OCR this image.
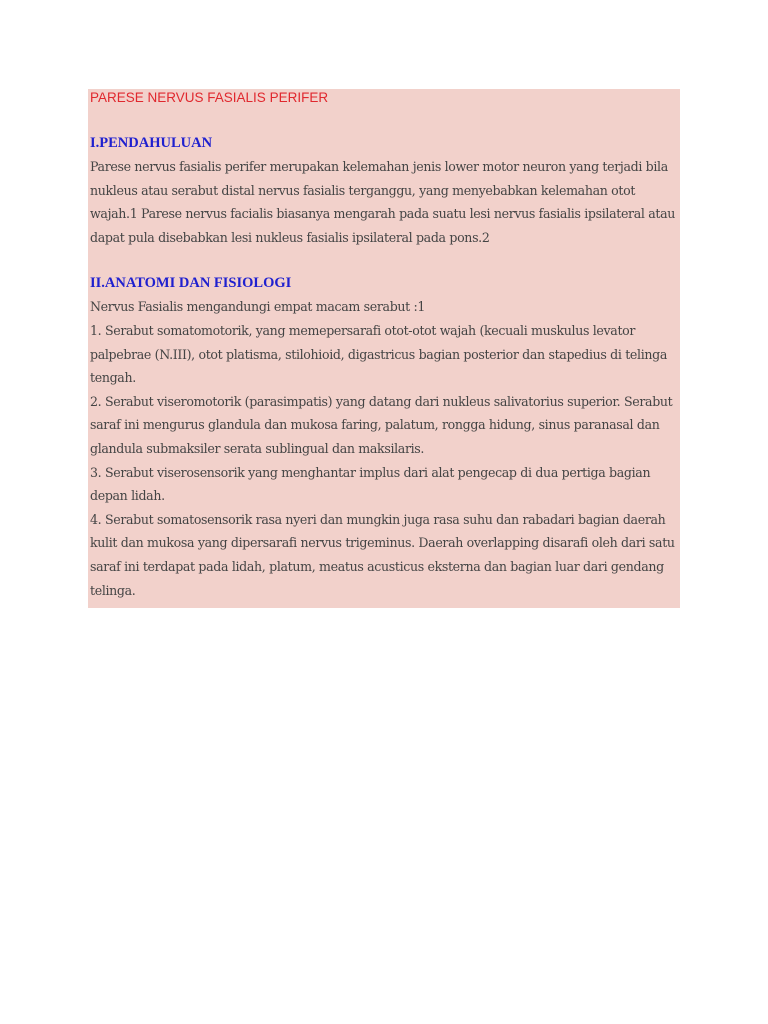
PARESE NERVUS FASIALIS PERIFER

I.PENDAHULUAN

Parese nervus fasialis perifer merupakan kelemahan jenis lower motor neuron yang terjadi bila nukleus atau serabut distal nervus fasialis terganggu, yang menyebabkan kelemahan otot wajah.1 Parese nervus facialis biasanya mengarah pada suatu lesi nervus fasialis ipsilateral atau dapat pula disebabkan lesi nukleus fasialis ipsilateral pada pons.2

II.ANATOMI DAN FISIOLOGI

Nervus Fasialis mengandungi empat macam serabut :1

1. Serabut somatomotorik, yang memepersarafi otot-otot wajah (kecuali muskulus levator palpebrae (N.III), otot platisma, stilohioid, digastricus bagian posterior dan stapedius di telinga tengah.

2. Serabut viseromotorik (parasimpatis) yang datang dari nukleus salivatorius superior. Serabut saraf ini mengurus glandula dan mukosa faring, palatum, rongga hidung, sinus paranasal dan glandula submaksiler serata sublingual dan maksilaris.

3. Serabut viserosensorik yang menghantar implus dari alat pengecap di dua pertiga bagian depan lidah.

4. Serabut somatosensorik rasa nyeri dan mungkin juga rasa suhu dan rabadari bagian daerah kulit dan mukosa yang dipersarafi nervus trigeminus. Daerah overlapping disarafi oleh dari satu saraf ini terdapat pada lidah, platum, meatus acusticus eksterna dan bagian luar dari gendang telinga.
